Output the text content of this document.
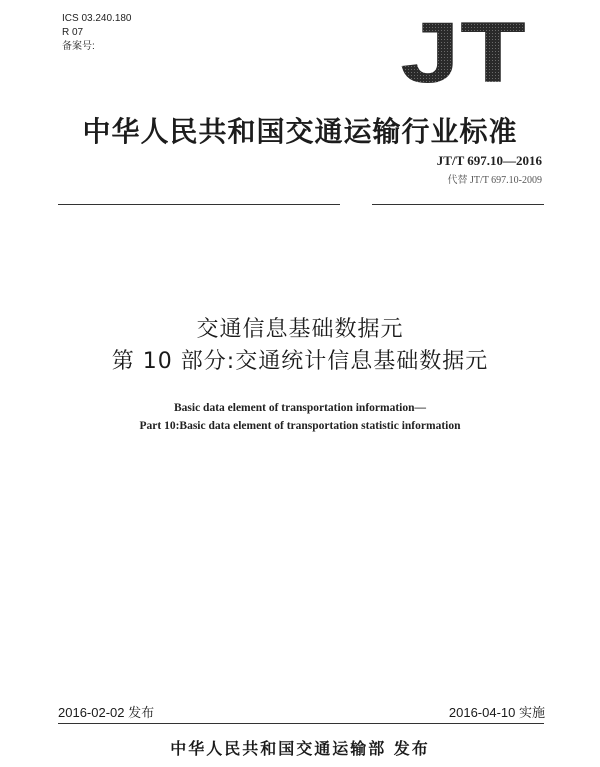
ICS 03.240.180
R 07
备案号:	JT
中华人民共和国交通运输行业标准
JT/T 697.10—2016
代替 JT/T 697.10-2009
交通信息基础数据元
第 10 部分:交通统计信息基础数据元
Basic data element of transportation information—
Part 10:Basic data element of transportation statistic information
2016-02-02 发布	2016-04-10 实施
中华人民共和国交通运输部 发布
